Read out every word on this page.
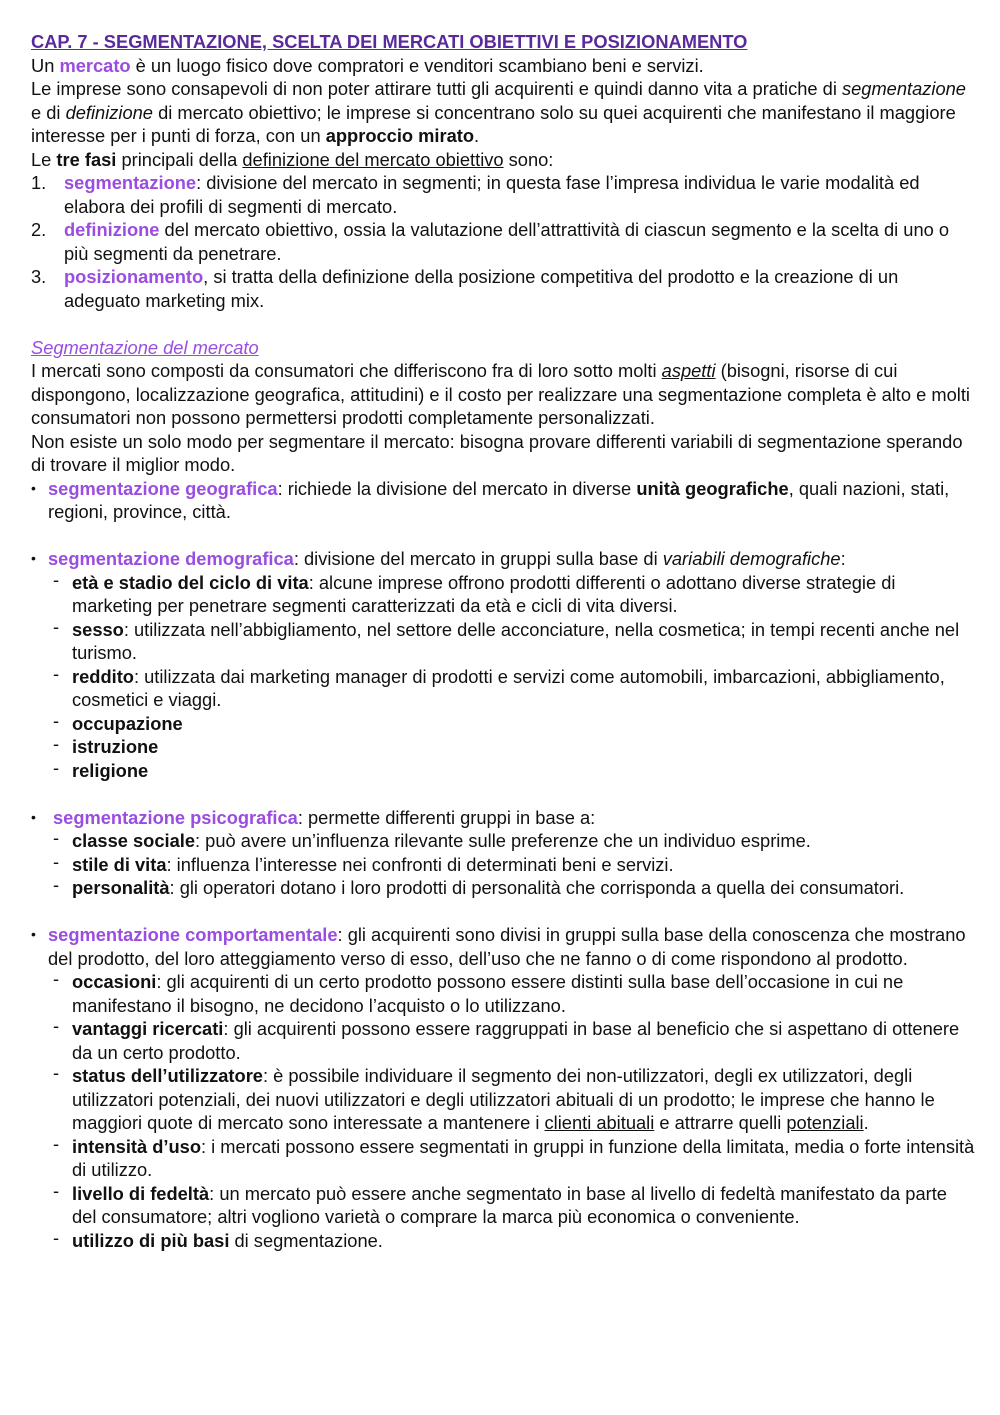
CAP. 7 - SEGMENTAZIONE, SCELTA DEI MERCATI OBIETTIVI E POSIZIONAMENTO

Un mercato è un luogo fisico dove compratori e venditori scambiano beni e servizi.

Le imprese sono consapevoli di non poter attirare tutti gli acquirenti e quindi danno vita a pratiche di segmentazione e di definizione di mercato obiettivo; le imprese si concentrano solo su quei acquirenti che manifestano il maggiore interesse per i punti di forza, con un approccio mirato.

Le tre fasi principali della definizione del mercato obiettivo sono:

1. segmentazione: divisione del mercato in segmenti; in questa fase l’impresa individua le varie modalità ed elabora dei profili di segmenti di mercato.
2. definizione del mercato obiettivo, ossia la valutazione dell’attrattività di ciascun segmento e la scelta di uno o più segmenti da penetrare.
3. posizionamento, si tratta della definizione della posizione competitiva del prodotto e la creazione di un adeguato marketing mix.

Segmentazione del mercato

I mercati sono composti da consumatori che differiscono fra di loro sotto molti aspetti (bisogni, risorse di cui dispongono, localizzazione geografica, attitudini) e il costo per realizzare una segmentazione completa è alto e molti consumatori non possono permettersi prodotti completamente personalizzati.

Non esiste un solo modo per segmentare il mercato: bisogna provare differenti variabili di segmentazione sperando di trovare il miglior modo.

• segmentazione geografica: richiede la divisione del mercato in diverse unità geografiche, quali nazioni, stati, regioni, province, città.
• segmentazione demografica: divisione del mercato in gruppi sulla base di variabili demografiche:
- età e stadio del ciclo di vita: alcune imprese offrono prodotti differenti o adottano diverse strategie di marketing per penetrare segmenti caratterizzati da età e cicli di vita diversi.
- sesso: utilizzata nell’abbigliamento, nel settore delle acconciature, nella cosmetica; in tempi recenti anche nel turismo.
- reddito: utilizzata dai marketing manager di prodotti e servizi come automobili, imbarcazioni, abbigliamento, cosmetici e viaggi.
- occupazione
- istruzione
- religione
• segmentazione psicografica: permette differenti gruppi in base a:
- classe sociale: può avere un’influenza rilevante sulle preferenze che un individuo esprime.
- stile di vita: influenza l’interesse nei confronti di determinati beni e servizi.
- personalità: gli operatori dotano i loro prodotti di personalità che corrisponda a quella dei consumatori.
• segmentazione comportamentale: gli acquirenti sono divisi in gruppi sulla base della conoscenza che mostrano del prodotto, del loro atteggiamento verso di esso, dell’uso che ne fanno o di come rispondono al prodotto.
- occasioni: gli acquirenti di un certo prodotto possono essere distinti sulla base dell’occasione in cui ne manifestano il bisogno, ne decidono l’acquisto o lo utilizzano.
- vantaggi ricercati: gli acquirenti possono essere raggruppati in base al beneficio che si aspettano di ottenere da un certo prodotto.
- status dell’utilizzatore: è possibile individuare il segmento dei non-utilizzatori, degli ex utilizzatori, degli utilizzatori potenziali, dei nuovi utilizzatori e degli utilizzatori abituali di un prodotto; le imprese che hanno le maggiori quote di mercato sono interessate a mantenere i clienti abituali e attrarre quelli potenziali.
- intensità d’uso: i mercati possono essere segmentati in gruppi in funzione della limitata, media o forte intensità di utilizzo.
- livello di fedeltà: un mercato può essere anche segmentato in base al livello di fedeltà manifestato da parte del consumatore; altri vogliono varietà o comprare la marca più economica o conveniente.
- utilizzo di più basi di segmentazione.
